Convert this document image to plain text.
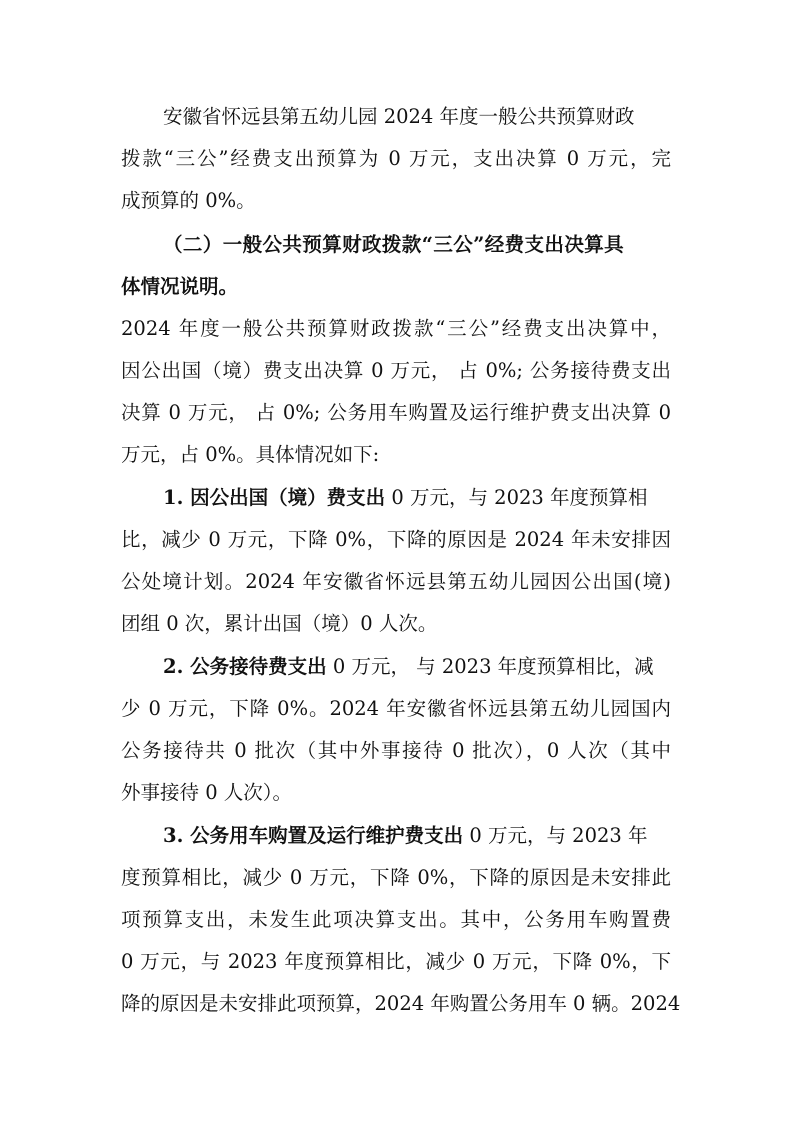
安徽省怀远县第五幼儿园 2024 年度一般公共预算财政

拨款“三公”经费支出预算为 0 万元，支出决算 0 万元，完

成预算的 0%。

（二）一般公共预算财政拨款“三公”经费支出决算具

体情况说明。

2024 年度一般公共预算财政拨款“三公”经费支出决算中，

因公出国（境）费支出决算 0 万元， 占 0%; 公务接待费支出

决算 0 万元， 占 0%; 公务用车购置及运行维护费支出决算 0

万元，占 0%。具体情况如下:

1. 因公出国（境）费支出 0 万元，与 2023 年度预算相

比，减少 0 万元，下降 0%，下降的原因是 2024 年未安排因

公处境计划。2024 年安徽省怀远县第五幼儿园因公出国(境)

团组 0 次，累计出国（境）0 人次。

2. 公务接待费支出 0 万元， 与 2023 年度预算相比，减

少 0 万元，下降 0%。2024 年安徽省怀远县第五幼儿园国内

公务接待共 0 批次（其中外事接待 0 批次），0 人次（其中

外事接待 0 人次）。

3. 公务用车购置及运行维护费支出 0 万元，与 2023 年

度预算相比，减少 0 万元，下降 0%，下降的原因是未安排此

项预算支出，未发生此项决算支出。其中，公务用车购置费

0 万元，与 2023 年度预算相比，减少 0 万元，下降 0%，下

降的原因是未安排此项预算，2024 年购置公务用车 0 辆。2024
